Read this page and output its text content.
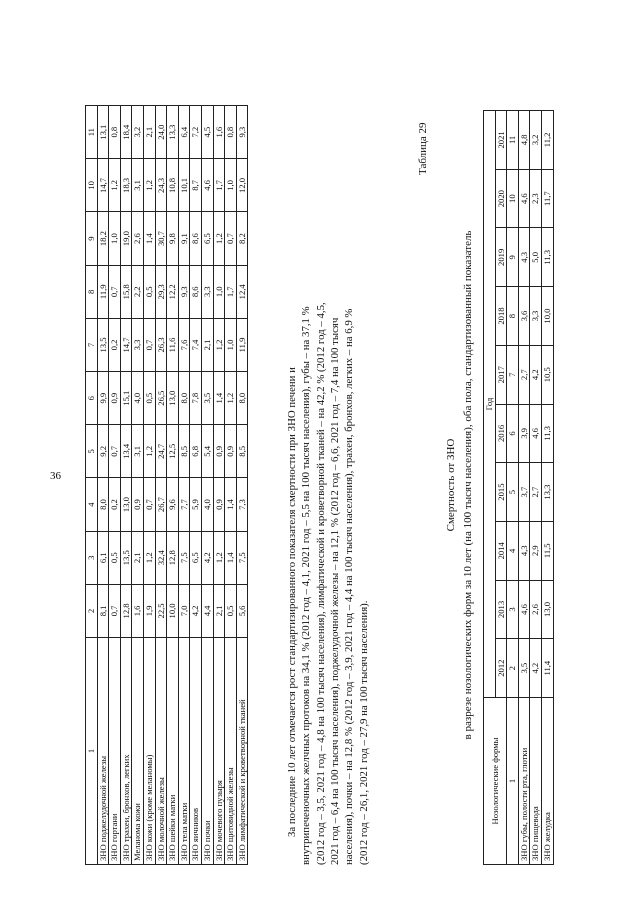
36
1	2	3	4	5	6	7	8	9	10	11
ЗНО поджелудочной железы	8,1	6,1	8,0	9,2	9,9	13,5	11,9	18,2	14,7	13,1
ЗНО гортани	0,7	0,5	0,2	0,7	0,9	0,2	0,7	1,0	1,2	0,8
ЗНО трахеи, бронхов, легких	12,8	13,5	13,0	13,4	15,1	14,7	15,8	19,0	18,3	18,4
Меланома кожи	1,6	2,1	0,9	3,1	4,0	3,3	2,2	2,6	3,1	3,2
ЗНО кожи (кроме меланомы)	1,9	1,2	0,7	1,2	0,5	0,7	0,5	1,4	1,2	2,1
ЗНО молочной железы	22,5	32,4	26,7	24,7	26,5	26,3	29,3	30,7	24,3	24,0
ЗНО шейки матки	10,0	12,8	9,6	12,5	13,0	11,6	12,2	9,8	10,8	13,3
ЗНО тела матки	7,0	7,5	7,7	8,5	8,0	7,6	9,3	9,1	10,1	6,4
ЗНО яичников	4,2	6,5	5,9	6,8	7,8	7,4	8,6	8,6	8,7	7,2
ЗНО почки	4,4	4,2	4,0	5,4	3,5	2,1	3,3	6,5	4,6	4,5
ЗНО мочевого пузыря	2,1	1,2	0,9	0,9	1,4	1,2	1,0	1,2	1,7	1,6
ЗНО щитовидной железы	0,5	1,4	1,4	0,9	1,2	1,0	1,7	0,7	1,0	0,8
ЗНО лимфатической и кроветворной тканей	5,6	7,5	7,3	8,5	8,0	11,9	12,4	8,2	12,0	9,3
За последние 10 лет отмечается рост стандартизированного показателя смертности при ЗНО печени и внутрипеченочных желчных протоков на 34,1 % (2012 год – 4,1, 2021 год – 5,5 на 100 тысяч населения), губы – на 37,1 % (2012 год – 3,5, 2021 год – 4,8 на 100 тысяч населения), лимфатической и кроветворной тканей – на 42,2 % (2012 год – 4,5, 2021 год – 6,4 на 100 тысяч населения), поджелудочной железы – на 12,1 % (2012 год – 6,6, 2021 год – 7,4 на 100 тысяч населения), почки – на 12,8 % (2012 год – 3,9, 2021 год – 4,4 на 100 тысяч населения), трахеи, бронхов, легких – на 6,9 % (2012 год – 26,1, 2021 год – 27,9 на 100 тысяч населения).
Таблица 29
Смертность от ЗНО в разрезе нозологических форм за 10 лет (на 100 тысяч населения), оба пола, стандартизованный показатель
Нозологические формы	Год									
	2012	2013	2014	2015	2016	2017	2018	2019	2020	2021
1	2	3	4	5	6	7	8	9	10	11
ЗНО губы, полости рта, глотки	3,5	4,6	4,3	3,7	3,9	2,7	3,6	4,3	4,6	4,8
ЗНО пищевода	4,2	2,6	2,9	2,7	4,6	4,2	3,3	5,0	2,3	3,2
ЗНО желудка	11,4	13,0	11,5	13,3	11,3	10,5	10,0	11,3	11,7	11,2
